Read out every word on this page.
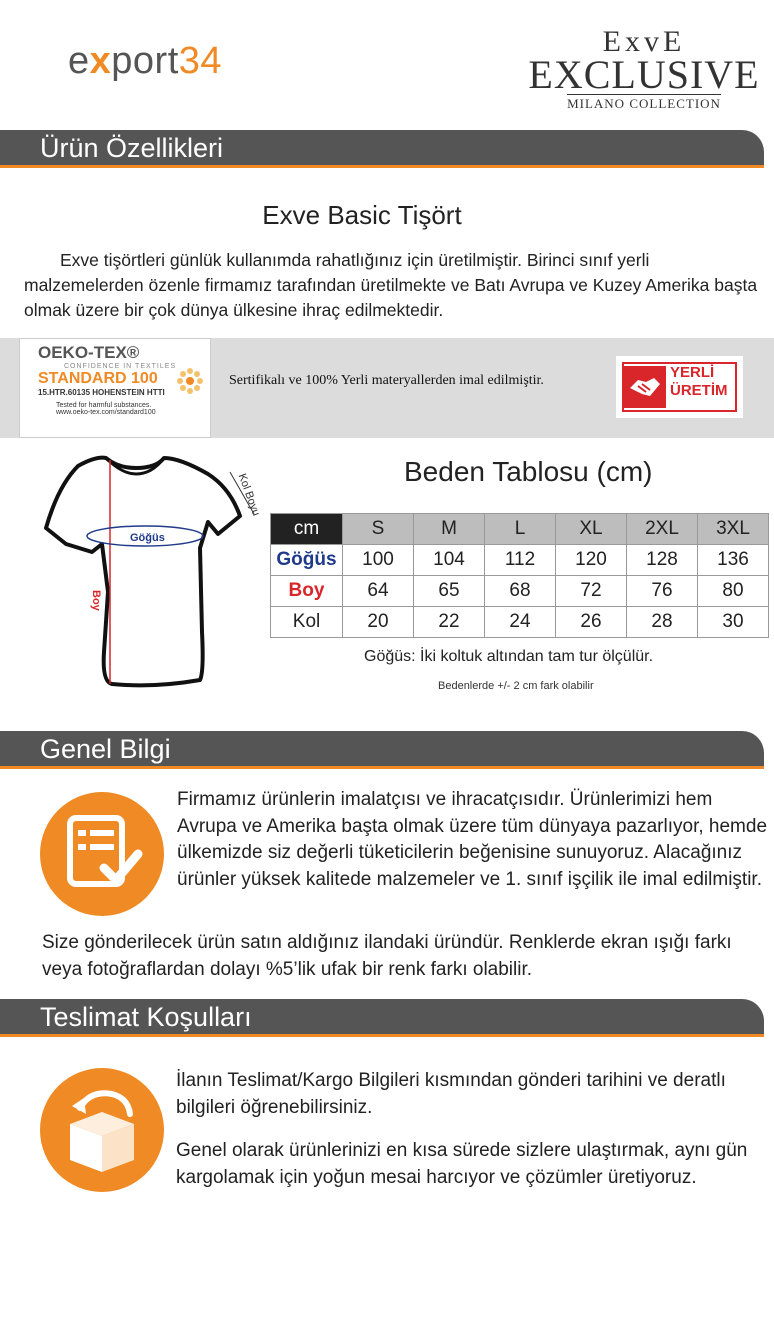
export34	ExvE
EXCLUSIVE
MILANO COLLECTION
Ürün Özellikleri
Exve Basic Tişört
Exve tişörtleri günlük kullanımda rahatlığınız için üretilmiştir. Birinci sınıf yerli malzemelerden özenle firmamız tarafından üretilmekte ve Batı Avrupa ve Kuzey Amerika başta olmak üzere bir çok dünya ülkesine ihraç edilmektedir.
OEKO-TEX®
CONFIDENCE IN TEXTILES
STANDARD 100
15.HTR.60135 HOHENSTEIN HTTI
Tested for harmful substances.
www.oeko-tex.com/standard100
Sertifikalı ve 100% Yerli materyallerden imal edilmiştir.	YERLİ
ÜRETİM
Göğüs
Boy
Kol Boyu
Beden Tablosu (cm)
cm	S	M	L	XL	2XL	3XL
Göğüs	100	104	112	120	128	136
Boy	64	65	68	72	76	80
Kol	20	22	24	26	28	30
Göğüs: İki koltuk altından tam tur ölçülür.
Bedenlerde +/- 2 cm fark olabilir
Genel Bilgi
Firmamız ürünlerin imalatçısı ve ihracatçısıdır. Ürünlerimizi hem Avrupa ve Amerika başta olmak üzere tüm dünyaya pazarlıyor, hemde ülkemizde siz değerli tüketicilerin beğenisine sunuyoruz. Alacağınız ürünler yüksek kalitede malzemeler ve 1. sınıf işçilik ile imal edilmiştir.
Size gönderilecek ürün satın aldığınız ilandaki üründür. Renklerde ekran ışığı farkı veya fotoğraflardan dolayı %5’lik ufak bir renk farkı olabilir.
Teslimat Koşulları
İlanın Teslimat/Kargo Bilgileri kısmından gönderi tarihini ve deratlı bilgileri öğrenebilirsiniz.
Genel olarak ürünlerinizi en kısa sürede sizlere ulaştırmak, aynı gün kargolamak için yoğun mesai harcıyor ve çözümler üretiyoruz.
